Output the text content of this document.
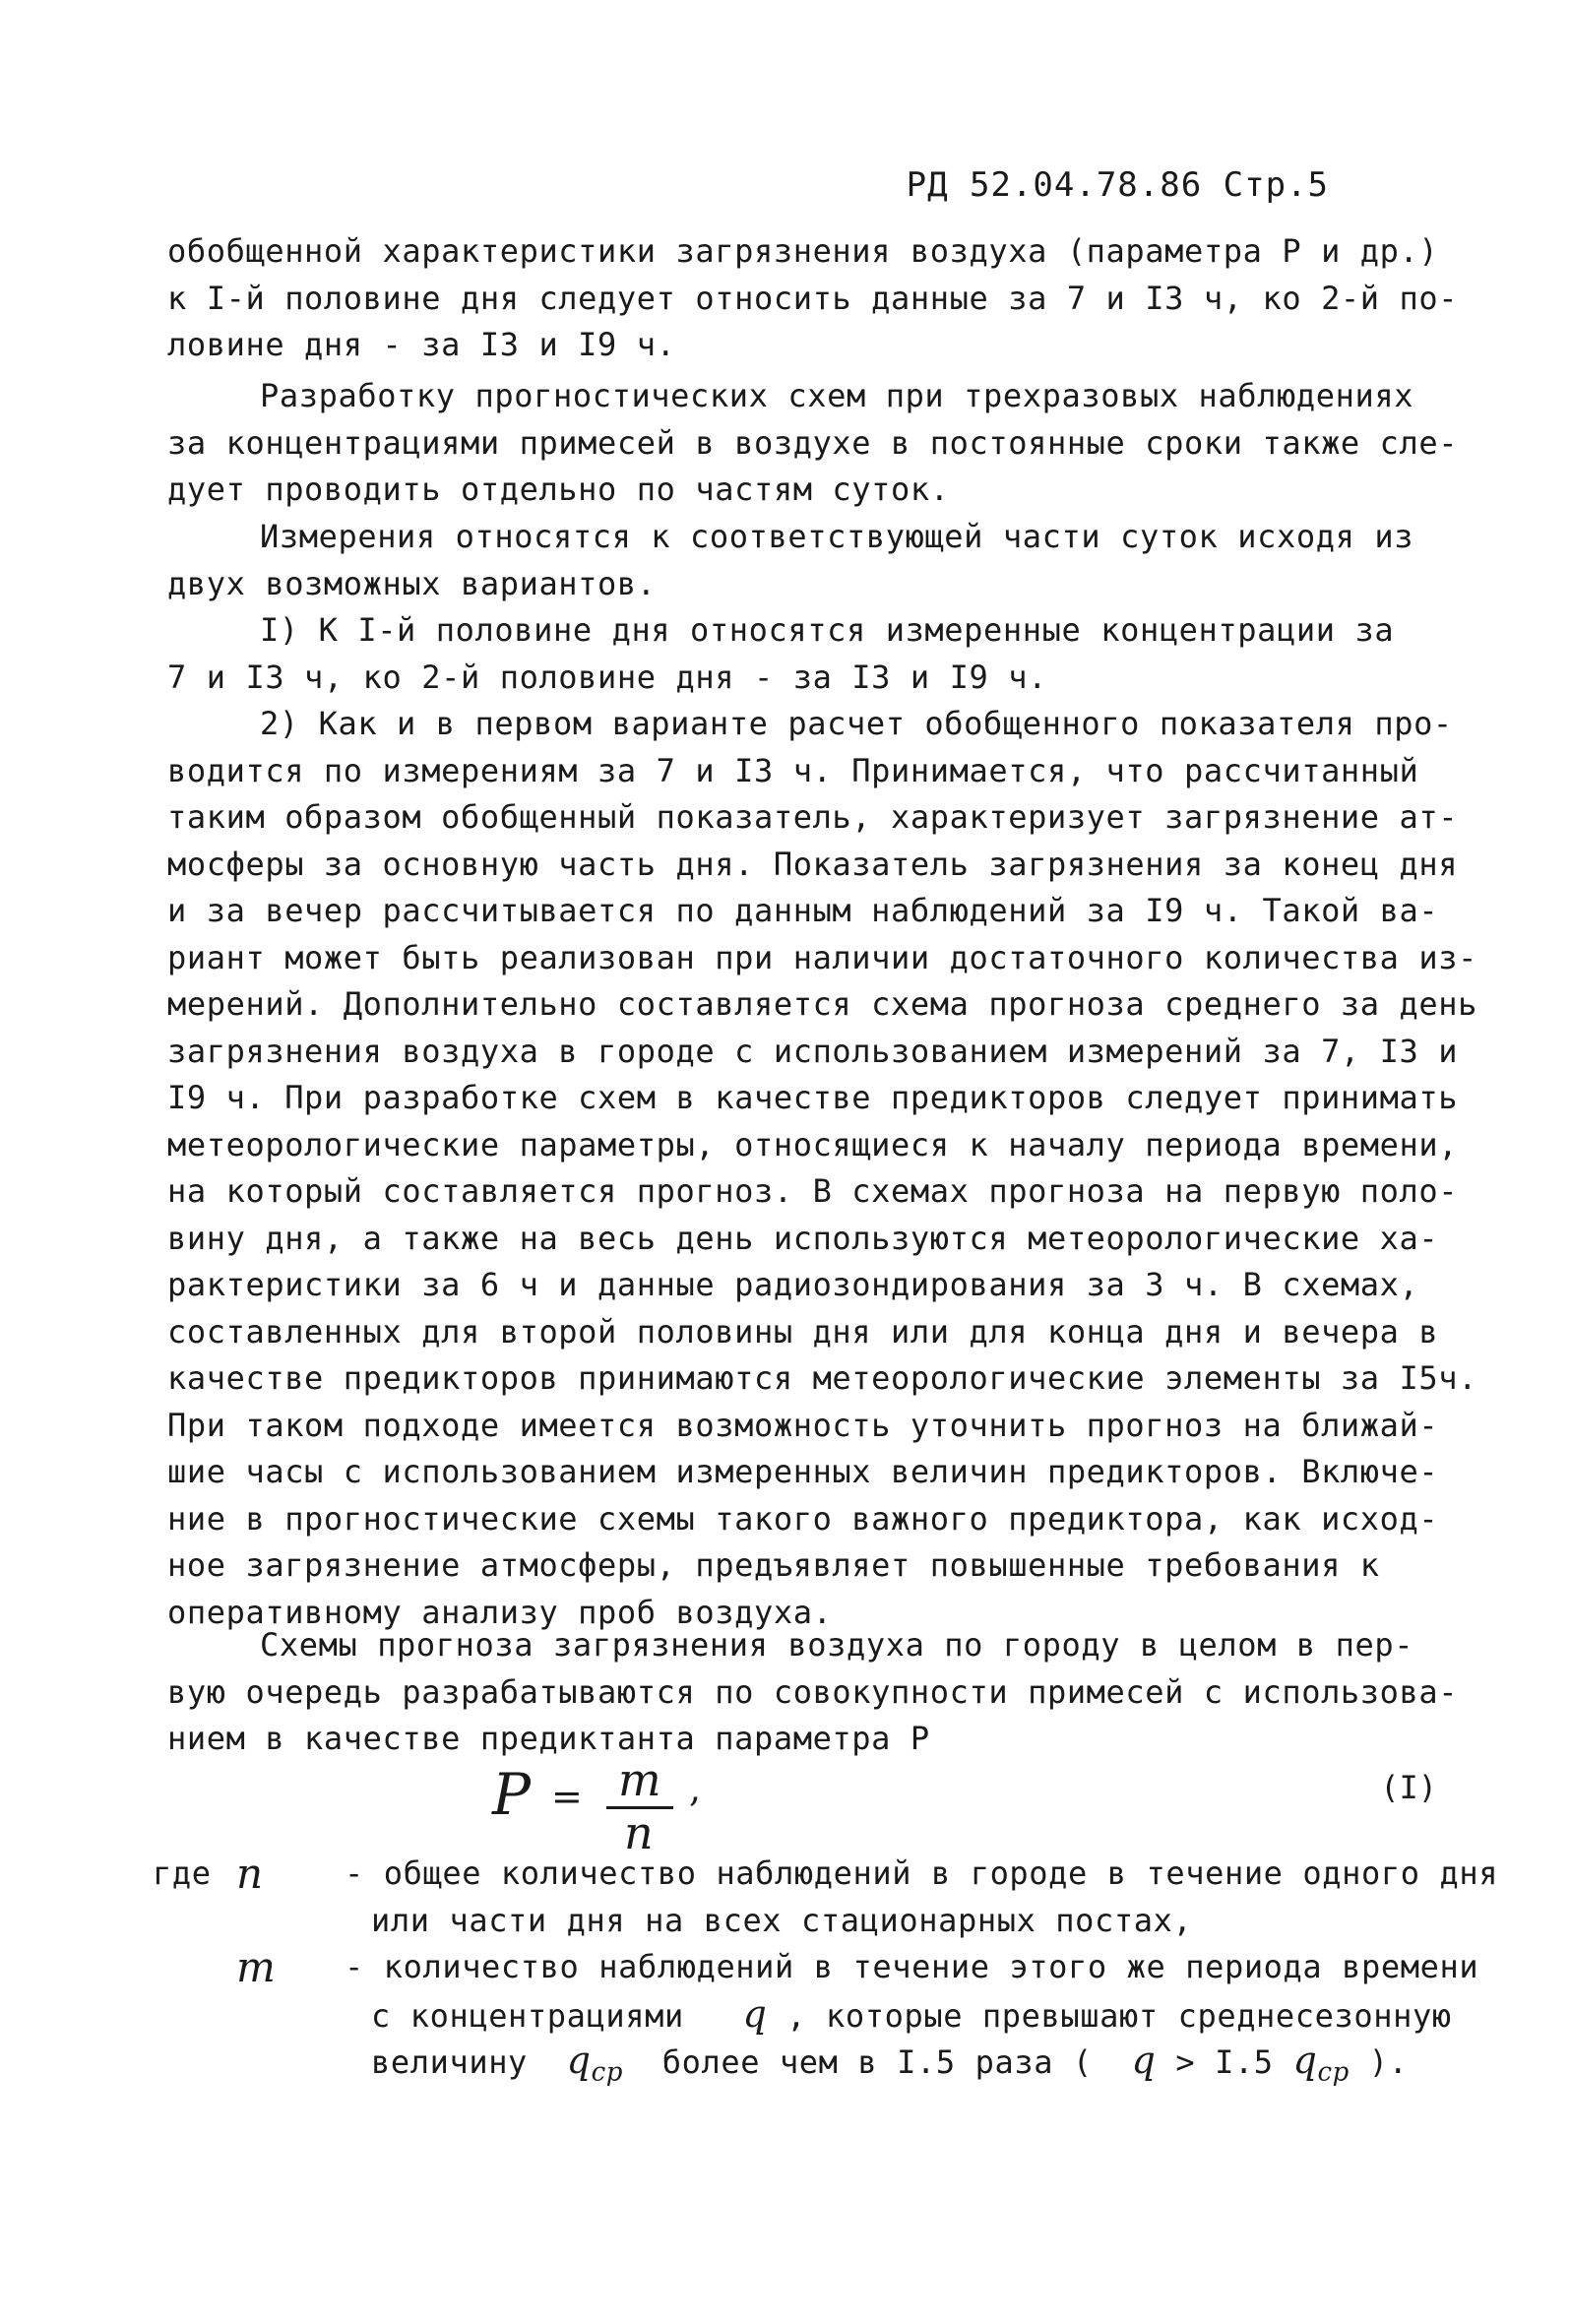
РД 52.04.78.86 Стр.5
обобщенной характеристики загрязнения воздуха (параметра P и др.)
к I-й половине дня следует относить данные за 7 и I3 ч, ко 2-й по-
ловине дня - за I3 и I9 ч.
Разработку прогностических схем при трехразовых наблюдениях
за концентрациями примесей в воздухе в постоянные сроки также сле-
дует проводить отдельно по частям суток.
Измерения относятся к соответствующей части суток исходя из
двух возможных вариантов.
I) К I-й половине дня относятся измеренные концентрации за
7 и I3 ч, ко 2-й половине дня - за I3 и I9 ч.
2) Как и в первом варианте расчет обобщенного показателя про-
водится по измерениям за 7 и I3 ч. Принимается, что рассчитанный
таким образом обобщенный показатель, характеризует загрязнение ат-
мосферы за основную часть дня. Показатель загрязнения за конец дня
и за вечер рассчитывается по данным наблюдений за I9 ч. Такой ва-
риант может быть реализован при наличии достаточного количества из-
мерений. Дополнительно составляется схема прогноза среднего за день
загрязнения воздуха в городе с использованием измерений за 7, I3 и
I9 ч. При разработке схем в качестве предикторов следует принимать
метеорологические параметры, относящиеся к началу периода времени,
на который составляется прогноз. В схемах прогноза на первую поло-
вину дня, а также на весь день используются метеорологические ха-
рактеристики за 6 ч и данные радиозондирования за 3 ч. В схемах,
составленных для второй половины дня или для конца дня и вечера в
качестве предикторов принимаются метеорологические элементы за I5ч.
При таком подходе имеется возможность уточнить прогноз на ближай-
шие часы с использованием измеренных величин предикторов. Включе-
ние в прогностические схемы такого важного предиктора, как исход-
ное загрязнение атмосферы, предъявляет повышенные требования к
оперативному анализу проб воздуха.
Схемы прогноза загрязнения воздуха по городу в целом в пер-
вую очередь разрабатываются по совокупности примесей с использова-
нием в качестве предиктанта параметра P
P = m
n
,	(I)
где n	- общее количество наблюдений в городе в течение одного дня
или части дня на всех стационарных постах,
m - количество наблюдений в течение этого же периода времени
с концентрациями q , которые превышают среднесезонную
величину $q_{ср}$ более чем в I.5 раза ( q > I.5 $q_{ср}$ ).
